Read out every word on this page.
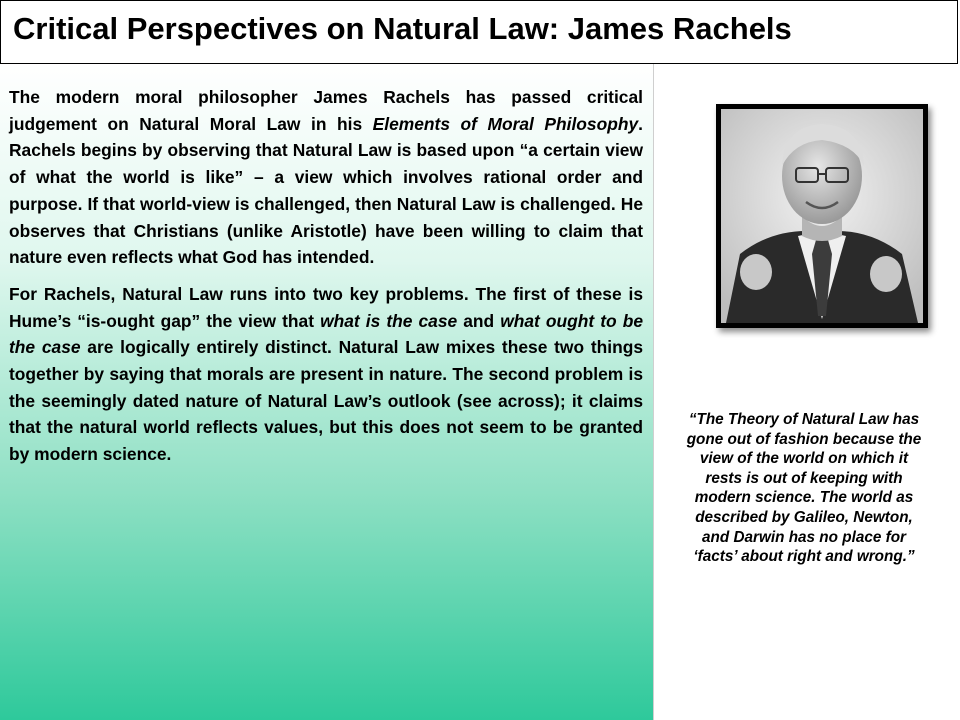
Critical Perspectives on Natural Law: James Rachels

The modern moral philosopher James Rachels has passed critical judgement on Natural Moral Law in his Elements of Moral Philosophy. Rachels begins by observing that Natural Law is based upon “a certain view of what the world is like” – a view which involves rational order and purpose. If that world-view is challenged, then Natural Law is challenged. He observes that Christians (unlike Aristotle) have been willing to claim that nature even reflects what God has intended.

For Rachels, Natural Law runs into two key problems. The first of these is Hume’s “is-ought gap” the view that what is the case and what ought to be the case are logically entirely distinct. Natural Law mixes these two things together by saying that morals are present in nature. The second problem is the seemingly dated nature of Natural Law’s outlook (see across); it claims that the natural world reflects values, but this does not seem to be granted by modern science.

“The Theory of Natural Law has gone out of fashion because the view of the world on which it rests is out of keeping with modern science. The world as described by Galileo, Newton, and Darwin has no place for ‘facts’ about right and wrong.”
